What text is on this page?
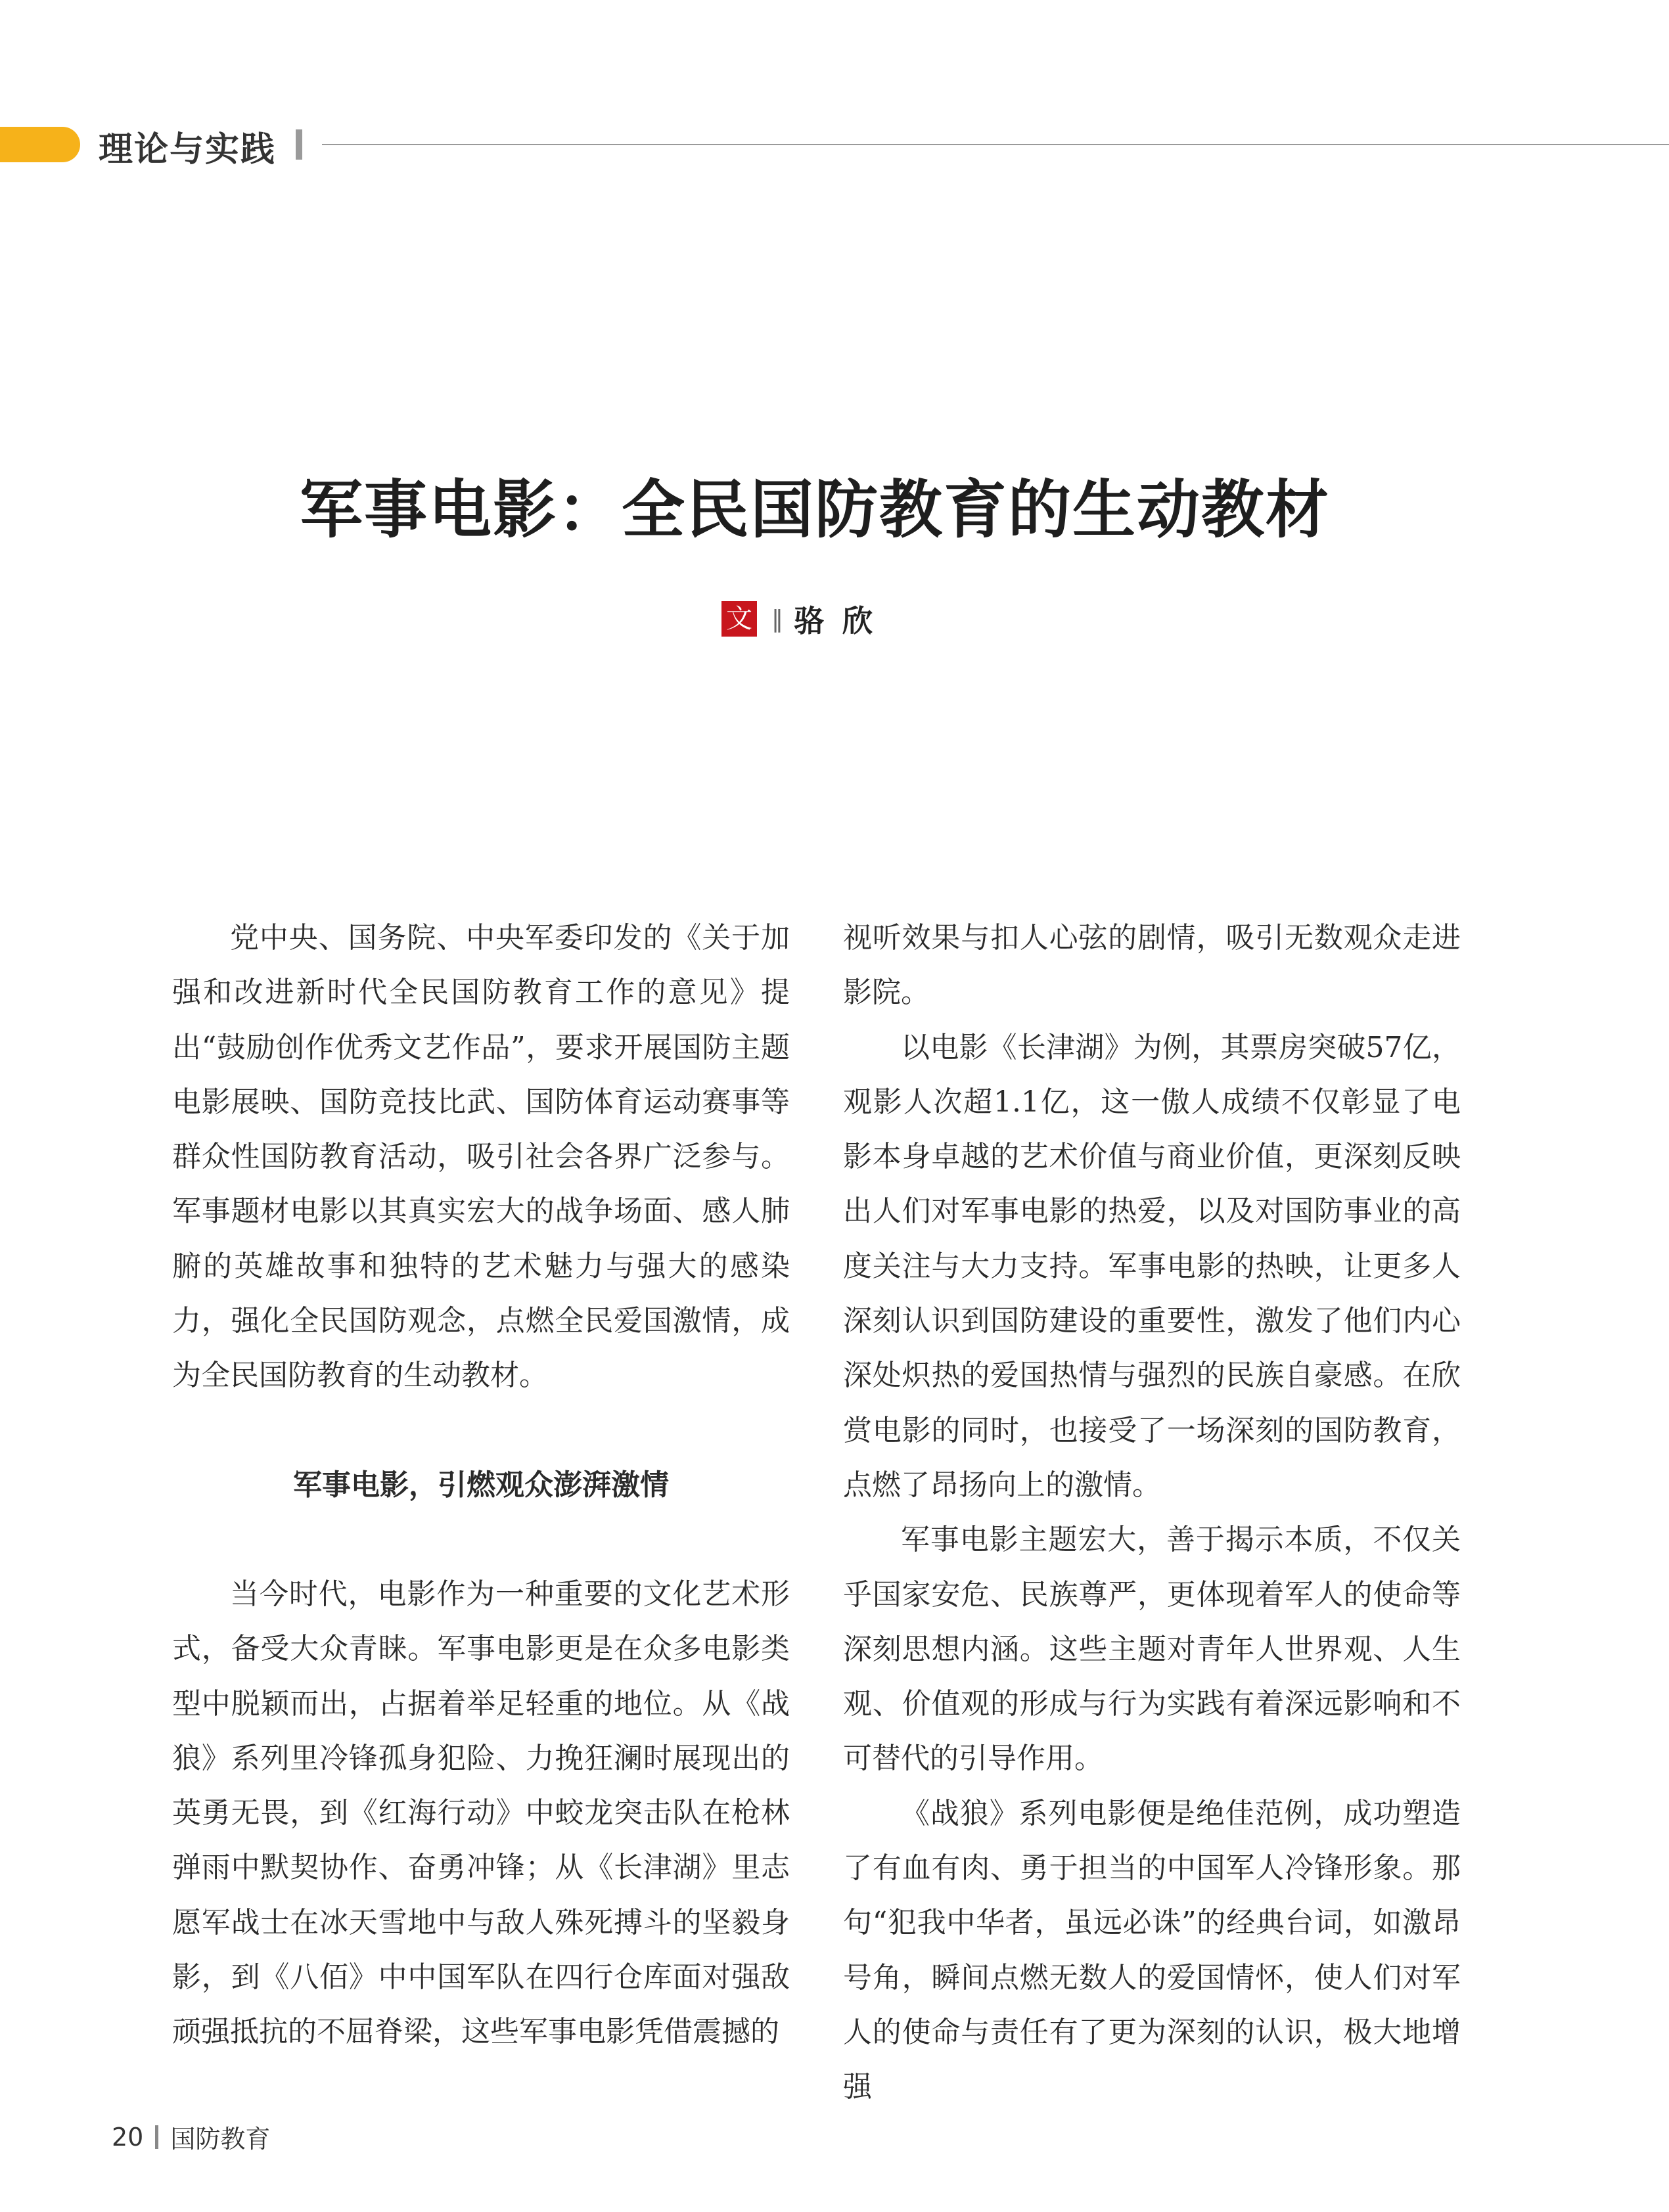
理论与实践
军事电影：全民国防教育的生动教材
文 ‖ 骆欣

党中央、国务院、中央军委印发的《关于加强和改进新时代全民国防教育工作的意见》提出“鼓励创作优秀文艺作品”，要求开展国防主题电影展映、国防竞技比武、国防体育运动赛事等群众性国防教育活动，吸引社会各界广泛参与。军事题材电影以其真实宏大的战争场面、感人肺腑的英雄故事和独特的艺术魅力与强大的感染力，强化全民国防观念，点燃全民爱国激情，成为全民国防教育的生动教材。

军事电影，引燃观众澎湃激情

当今时代，电影作为一种重要的文化艺术形式，备受大众青睐。军事电影更是在众多电影类型中脱颖而出，占据着举足轻重的地位。从《战狼》系列里冷锋孤身犯险、力挽狂澜时展现出的英勇无畏，到《红海行动》中蛟龙突击队在枪林弹雨中默契协作、奋勇冲锋；从《长津湖》里志愿军战士在冰天雪地中与敌人殊死搏斗的坚毅身影，到《八佰》中中国军队在四行仓库面对强敌顽强抵抗的不屈脊梁，这些军事电影凭借震撼的

视听效果与扣人心弦的剧情，吸引无数观众走进影院。

以电影《长津湖》为例，其票房突破57亿，观影人次超1.1亿，这一傲人成绩不仅彰显了电影本身卓越的艺术价值与商业价值，更深刻反映出人们对军事电影的热爱，以及对国防事业的高度关注与大力支持。军事电影的热映，让更多人深刻认识到国防建设的重要性，激发了他们内心深处炽热的爱国热情与强烈的民族自豪感。在欣赏电影的同时，也接受了一场深刻的国防教育，点燃了昂扬向上的激情。

军事电影主题宏大，善于揭示本质，不仅关乎国家安危、民族尊严，更体现着军人的使命等深刻思想内涵。这些主题对青年人世界观、人生观、价值观的形成与行为实践有着深远影响和不可替代的引导作用。

《战狼》系列电影便是绝佳范例，成功塑造了有血有肉、勇于担当的中国军人冷锋形象。那句“犯我中华者，虽远必诛”的经典台词，如激昂号角，瞬间点燃无数人的爱国情怀，使人们对军人的使命与责任有了更为深刻的认识，极大地增强

20 国防教育
